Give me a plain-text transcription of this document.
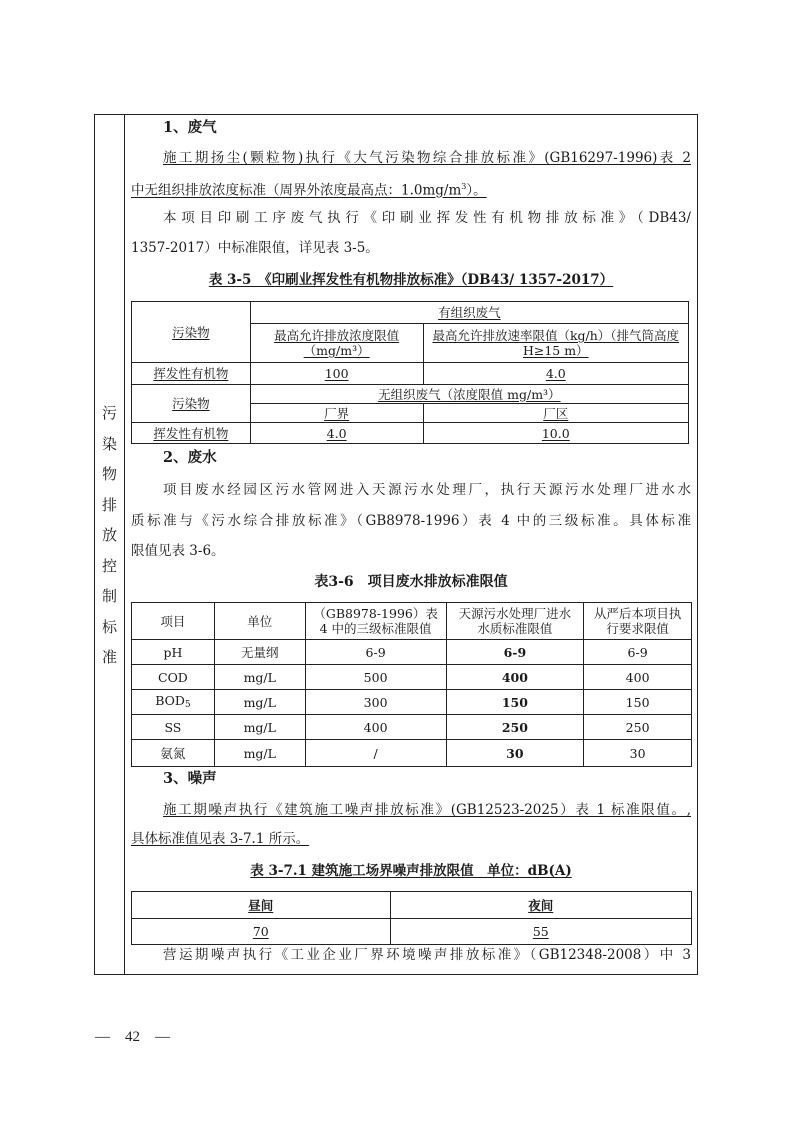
污
染
物
排
放
控
制
标
准
1、废气
施工期扬尘(颗粒物)执行《大气污染物综合排放标准》(GB16297-1996)表 2
中无组织排放浓度标准（周界外浓度最高点：$1.0mg/m^3$）。
本项目印刷工序废气执行《印刷业挥发性有机物排放标准》（DB43/
1357-2017）中标准限值，详见表 3-5。
表 3-5　《印刷业挥发性有机物排放标准》（DB43/ 1357-2017）
污染物	有组织废气	
	最高允许排放浓度限值（mg/m³）	最高允许排放速率限值（kg/h）（排气筒高度 H≥15 m）
挥发性有机物	100	4.0
污染物	无组织废气（浓度限值 mg/m³）	
	厂界	厂区
挥发性有机物	4.0	10.0
2、废水
项目废水经园区污水管网进入天源污水处理厂，执行天源污水处理厂进水水
质标准与《污水综合排放标准》（GB8978-1996）表 4 中的三级标准。具体标准
限值见表 3-6。
表3-6　项目废水排放标准限值
项目	单位	（GB8978-1996）表 4 中的三级标准限值	天源污水处理厂进水水质标准限值	从严后本项目执行要求限值
pH	无量纲	6-9	6-9	6-9
COD	mg/L	500	400	400
$BOD_5$	mg/L	300	150	150
SS	mg/L	400	250	250
氨氮	mg/L	/	30	30
3、噪声
施工期噪声执行《建筑施工噪声排放标准》(GB12523-2025）表 1 标准限值。,
具体标准值见表 3-7.1 所示。
表 3-7.1 建筑施工场界噪声排放限值　单位：dB(A)
昼间	夜间
70	55
营运期噪声执行《工业企业厂界环境噪声排放标准》（GB12348-2008）中 3
—　42　—
